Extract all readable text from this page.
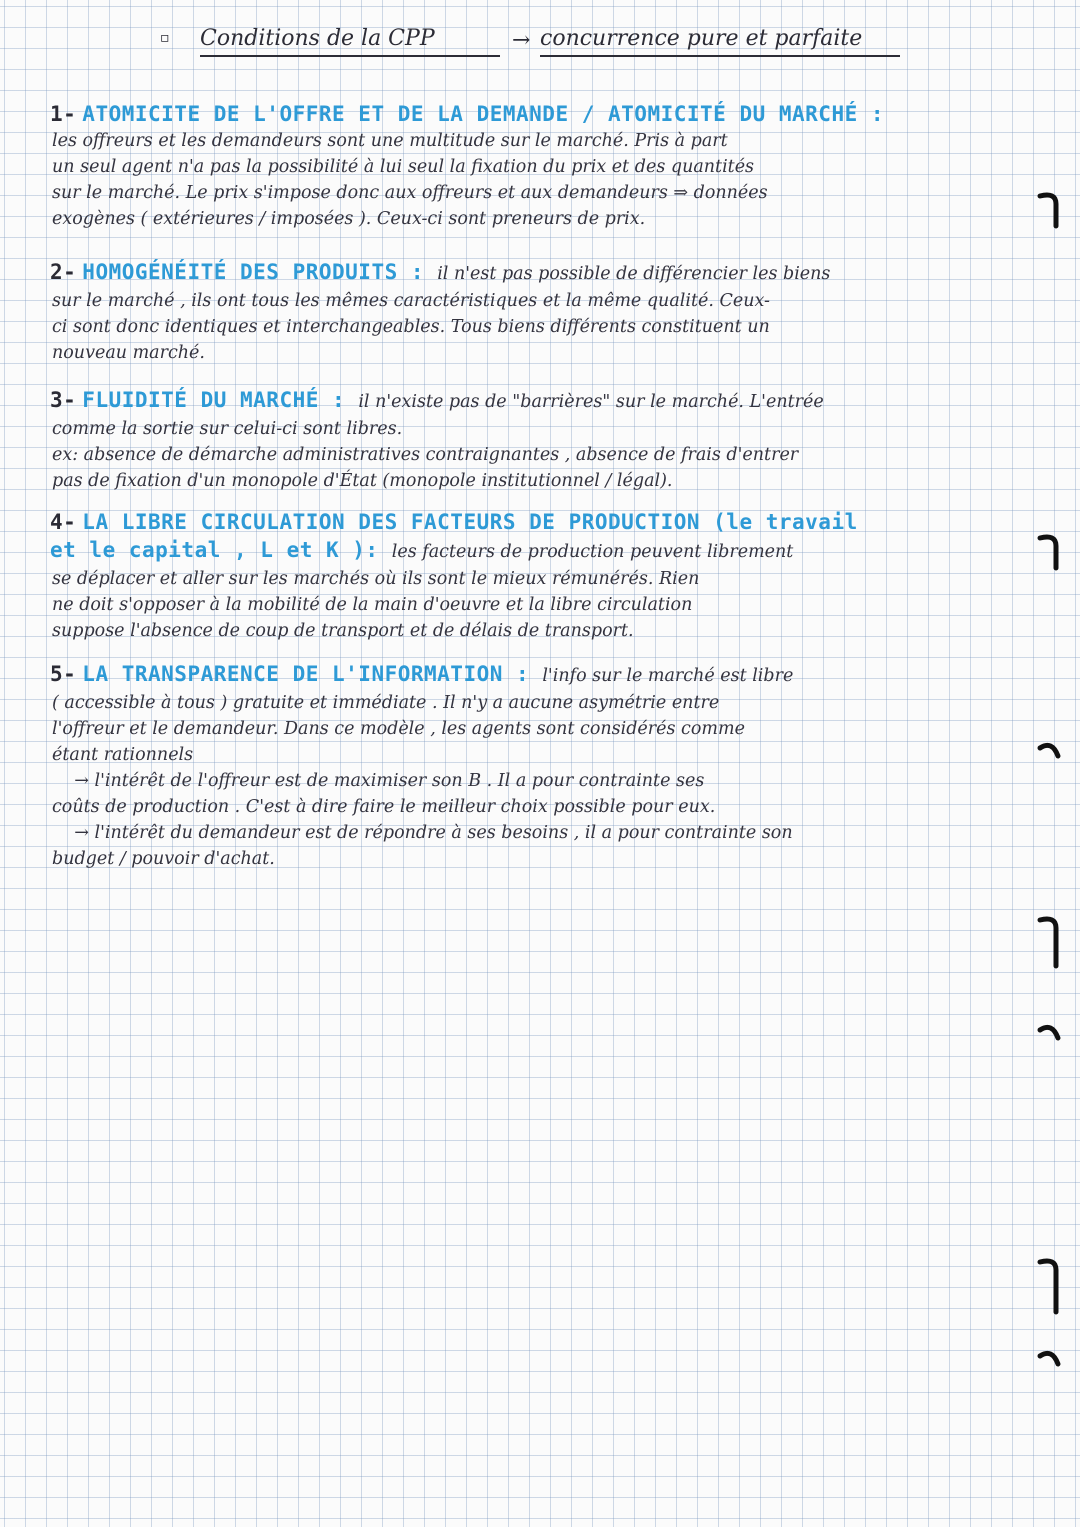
▫ Conditions de la CPP	→ concurrence pure et parfaite
1- ATOMICITE DE L'OFFRE ET DE LA DEMANDE / ATOMICITÉ DU MARCHÉ :
les offreurs et les demandeurs sont une multitude sur le marché. Pris à part
un seul agent n'a pas la possibilité à lui seul la fixation du prix et des quantités
sur le marché. Le prix s'impose donc aux offreurs et aux demandeurs ⇒ données
exogènes ( extérieures / imposées ). Ceux-ci sont preneurs de prix.
2- HOMOGÉNÉITÉ DES PRODUITS : il n'est pas possible de différencier les biens
sur le marché , ils ont tous les mêmes caractéristiques et la même qualité. Ceux-
ci sont donc identiques et interchangeables. Tous biens différents constituent un
nouveau marché.
3- FLUIDITÉ DU MARCHÉ : il n'existe pas de "barrières" sur le marché. L'entrée
comme la sortie sur celui-ci sont libres.
ex: absence de démarche administratives contraignantes , absence de frais d'entrer
pas de fixation d'un monopole d'État (monopole institutionnel / légal).
4- LA LIBRE CIRCULATION DES FACTEURS DE PRODUCTION (le travail
et le capital , L et K ): les facteurs de production peuvent librement
se déplacer et aller sur les marchés où ils sont le mieux rémunérés. Rien
ne doit s'opposer à la mobilité de la main d'oeuvre et la libre circulation
suppose l'absence de coup de transport et de délais de transport.
5- LA TRANSPARENCE DE L'INFORMATION : l'info sur le marché est libre
( accessible à tous ) gratuite et immédiate . Il n'y a aucune asymétrie entre
l'offreur et le demandeur. Dans ce modèle , les agents sont considérés comme
étant rationnels
→ l'intérêt de l'offreur est de maximiser son B . Il a pour contrainte ses
coûts de production . C'est à dire faire le meilleur choix possible pour eux.
→ l'intérêt du demandeur est de répondre à ses besoins , il a pour contrainte son
budget / pouvoir d'achat.
